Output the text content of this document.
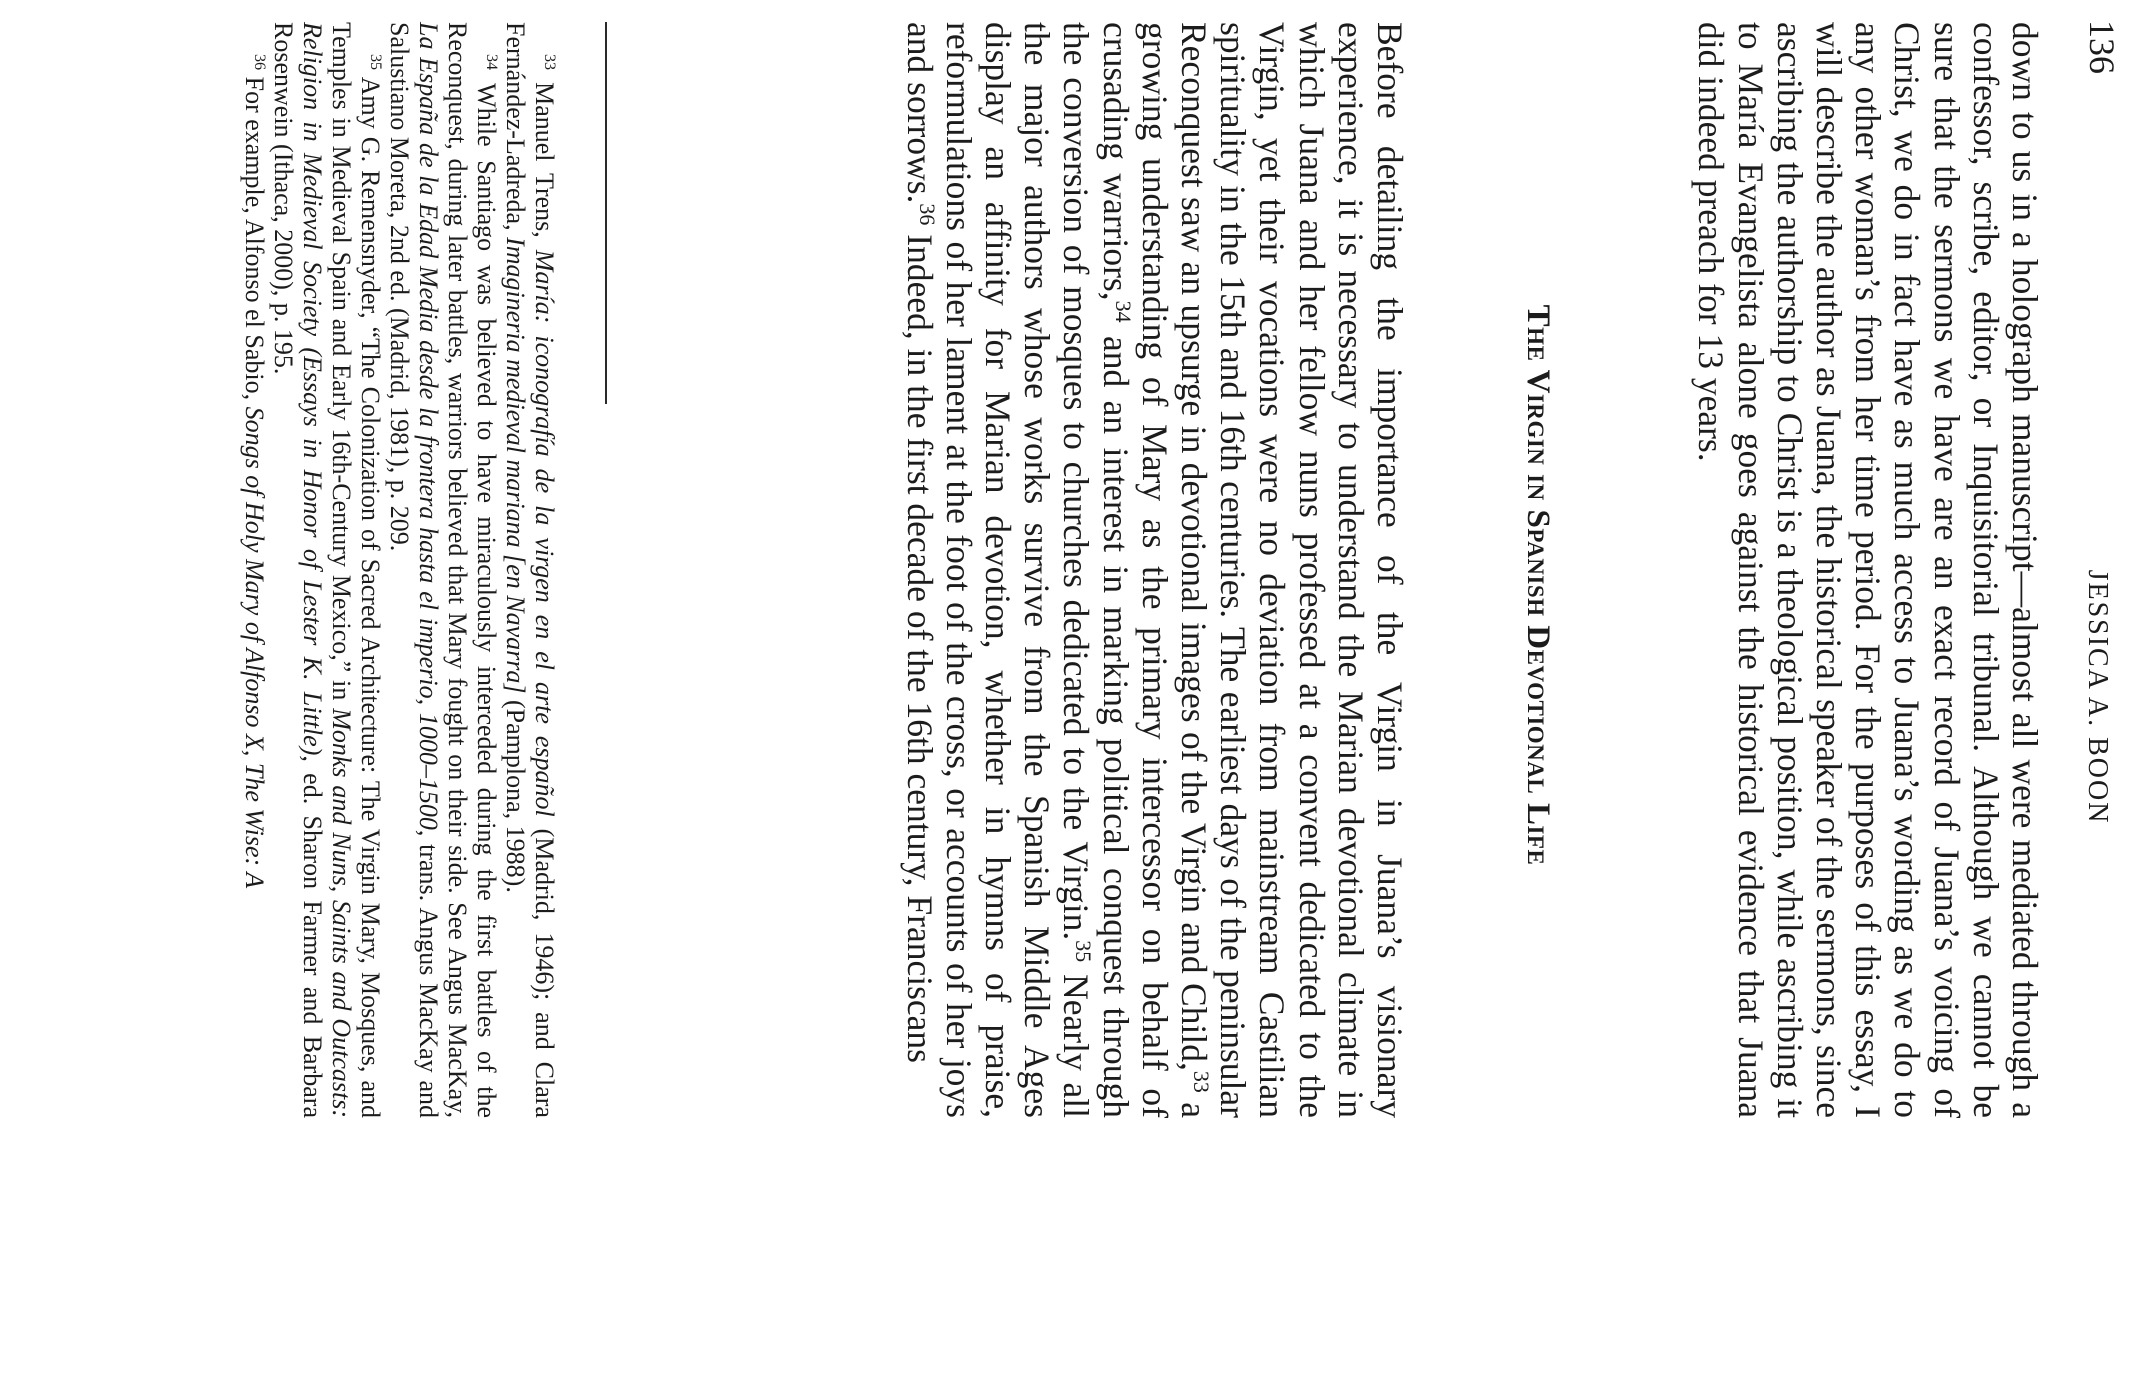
136
JESSICA A. BOON

down to us in a holograph manuscript—almost all were mediated through a confessor, scribe, editor, or Inquisitorial tribunal. Although we cannot be sure that the sermons we have are an exact record of Juana’s voicing of Christ, we do in fact have as much access to Juana’s wording as we do to any other woman’s from her time period. For the purposes of this essay, I will describe the author as Juana, the historical speaker of the sermons, since ascribing the authorship to Christ is a theological position, while ascribing it to María Evangelista alone goes against the historical evidence that Juana did indeed preach for 13 years.

The Virgin in Spanish Devotional Life

Before detailing the importance of the Virgin in Juana’s visionary experience, it is necessary to understand the Marian devotional climate in which Juana and her fellow nuns professed at a convent dedicated to the Virgin, yet their vocations were no deviation from mainstream Castilian spirituality in the 15th and 16th centuries. The earliest days of the peninsular Reconquest saw an upsurge in devotional images of the Virgin and Child,$^{33}$ a growing understanding of Mary as the primary intercessor on behalf of crusading warriors,$^{34}$ and an interest in marking political conquest through the conversion of mosques to churches dedicated to the Virgin.$^{35}$ Nearly all the major authors whose works survive from the Spanish Middle Ages display an affinity for Marian devotion, whether in hymns of praise, reformulations of her lament at the foot of the cross, or accounts of her joys and sorrows.$^{36}$ Indeed, in the first decade of the 16th century, Franciscans

$^{33}$ Manuel Trens, María: iconografía de la virgen en el arte español (Madrid, 1946); and Clara Fernández-Ladreda, Imagineria medieval mariana [en Navarra] (Pamplona, 1988).

$^{34}$ While Santiago was believed to have miraculously interceded during the first battles of the Reconquest, during later battles, warriors believed that Mary fought on their side. See Angus MacKay, La España de la Edad Media desde la frontera hasta el imperio, 1000–1500, trans. Angus MacKay and Salustiano Moreta, 2nd ed. (Madrid, 1981), p. 209.

$^{35}$ Amy G. Remensnyder, “The Colonization of Sacred Architecture: The Virgin Mary, Mosques, and Temples in Medieval Spain and Early 16th-Century Mexico,” in Monks and Nuns, Saints and Outcasts: Religion in Medieval Society (Essays in Honor of Lester K. Little), ed. Sharon Farmer and Barbara Rosenwein (Ithaca, 2000), p. 195.

$^{36}$ For example, Alfonso el Sabio, Songs of Holy Mary of Alfonso X, The Wise: A
